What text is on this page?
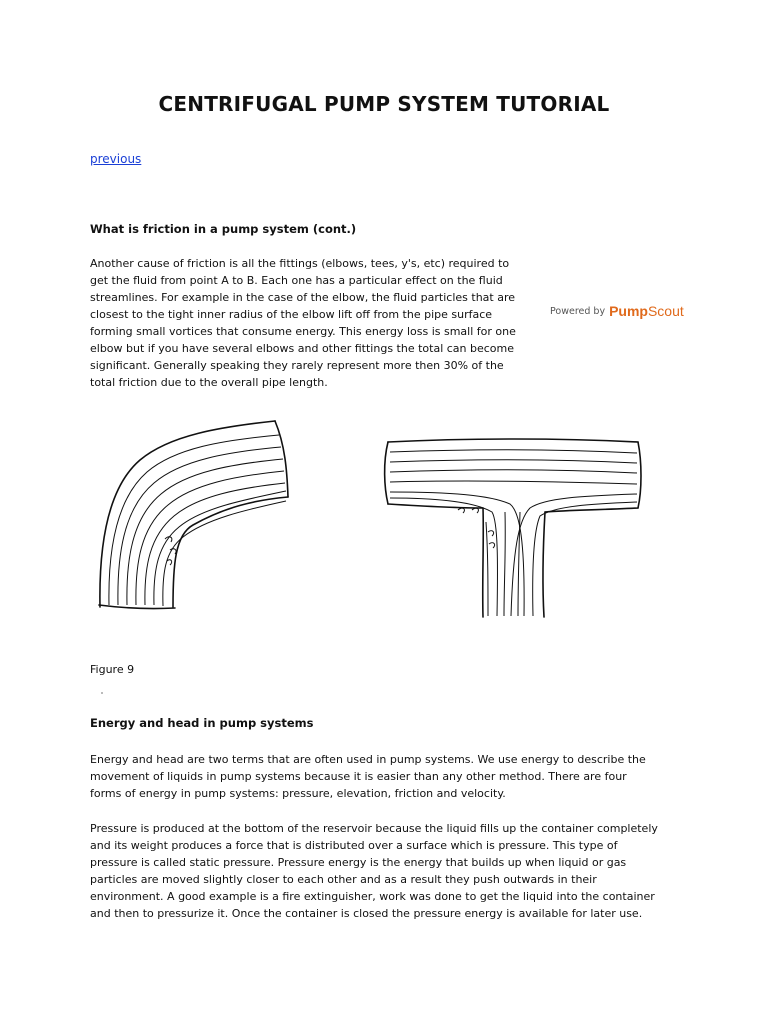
CENTRIFUGAL PUMP SYSTEM TUTORIAL
previous
What is friction in a pump system (cont.)
Another cause of friction is all the fittings (elbows, tees, y's, etc) required to
get the fluid from point A to B. Each one has a particular effect on the fluid
streamlines. For example in the case of the elbow, the fluid particles that are
closest to the tight inner radius of the elbow lift off from the pipe surface
forming small vortices that consume energy. This energy loss is small for one
elbow but if you have several elbows and other fittings the total can become
significant. Generally speaking they rarely represent more then 30% of the
total friction due to the overall pipe length.
Powered by PumpScout

Figure 9

Energy and head in pump systems
Energy and head are two terms that are often used in pump systems. We use energy to describe the
movement of liquids in pump systems because it is easier than any other method. There are four
forms of energy in pump systems: pressure, elevation, friction and velocity.
Pressure is produced at the bottom of the reservoir because the liquid fills up the container completely
and its weight produces a force that is distributed over a surface which is pressure. This type of
pressure is called static pressure. Pressure energy is the energy that builds up when liquid or gas
particles are moved slightly closer to each other and as a result they push outwards in their
environment. A good example is a fire extinguisher, work was done to get the liquid into the container
and then to pressurize it. Once the container is closed the pressure energy is available for later use.
